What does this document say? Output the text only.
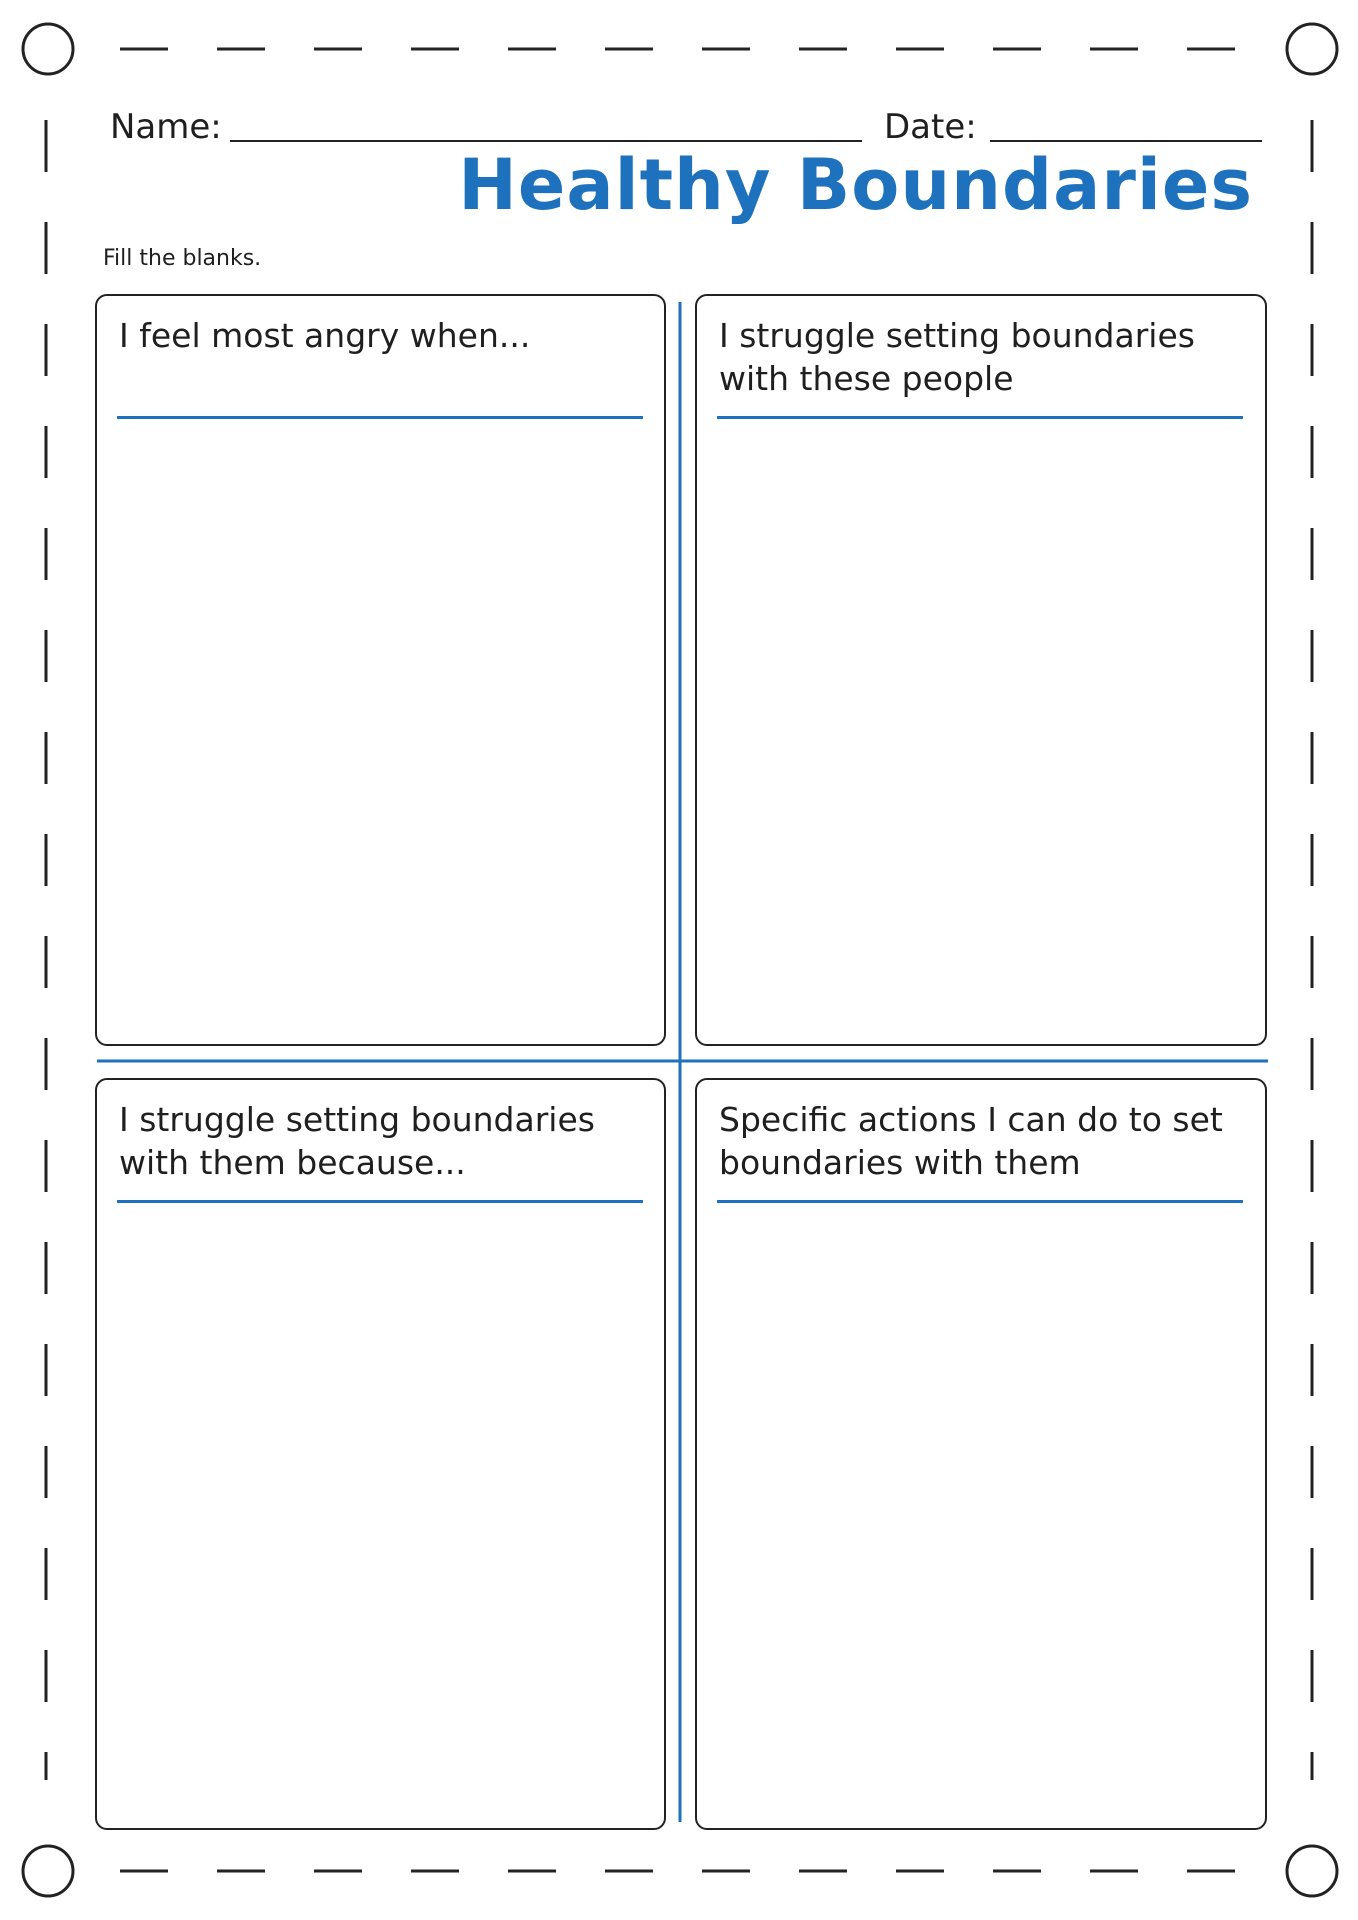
Name:	Date:
Healthy Boundaries
Fill the blanks.
I feel most angry when...	I struggle setting boundaries with these people
I struggle setting boundaries with them because...
Specific actions I can do to set boundaries with them
